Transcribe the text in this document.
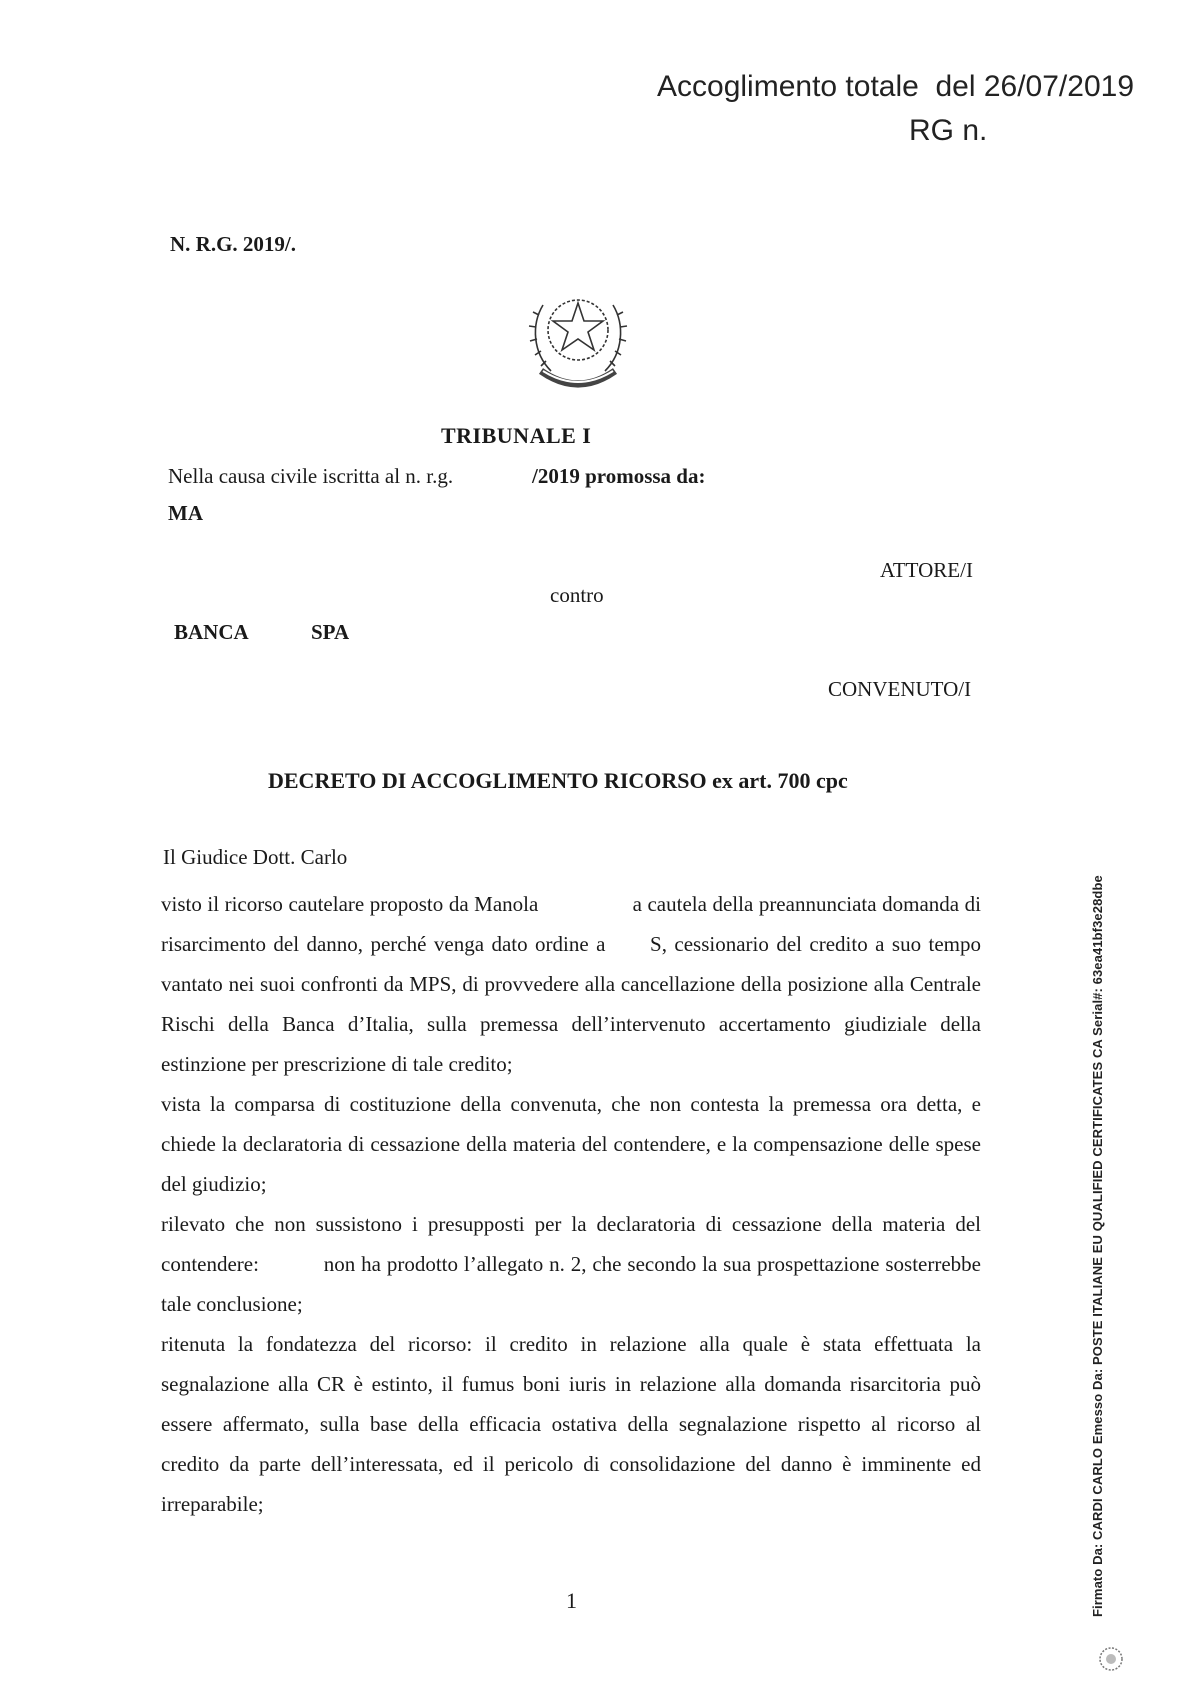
Accoglimento totale  del 26/07/2019
RG n.
N. R.G. 2019/.
TRIBUNALE I
Nella causa civile iscritta al n. r.g.	/2019 promossa da:
MA
ATTORE/I
contro
BANCA	SPA
CONVENUTO/I
DECRETO DI ACCOGLIMENTO RICORSO ex art. 700 cpc
Il Giudice Dott. Carlo

visto il ricorso cautelare proposto da Manola                 a cautela della preannunciata domanda di risarcimento del danno, perché venga dato ordine a      S, cessionario del credito a suo tempo vantato nei suoi confronti da MPS, di provvedere alla cancellazione della posizione alla Centrale Rischi della Banca d’Italia, sulla premessa dell’intervenuto accertamento giudiziale della estinzione per prescrizione di tale credito;

vista la comparsa di costituzione della convenuta, che non contesta la premessa ora detta, e chiede la declaratoria di cessazione della materia del contendere, e la compensazione delle spese del giudizio;

rilevato che non sussistono i presupposti per la declaratoria di cessazione della materia del contendere:           non ha prodotto l’allegato n. 2, che secondo la sua prospettazione sosterrebbe tale conclusione;

ritenuta la fondatezza del ricorso: il credito in relazione alla quale è stata effettuata la segnalazione alla CR è estinto, il fumus boni iuris in relazione alla domanda risarcitoria può essere affermato, sulla base della efficacia ostativa della segnalazione rispetto al ricorso al credito da parte dell’interessata, ed il pericolo di consolidazione del danno è imminente ed irreparabile;

1	Firmato Da: CARDI CARLO Emesso Da: POSTE ITALIANE EU QUALIFIED CERTIFICATES CA Serial#: 63ea41bf3e28dbe
